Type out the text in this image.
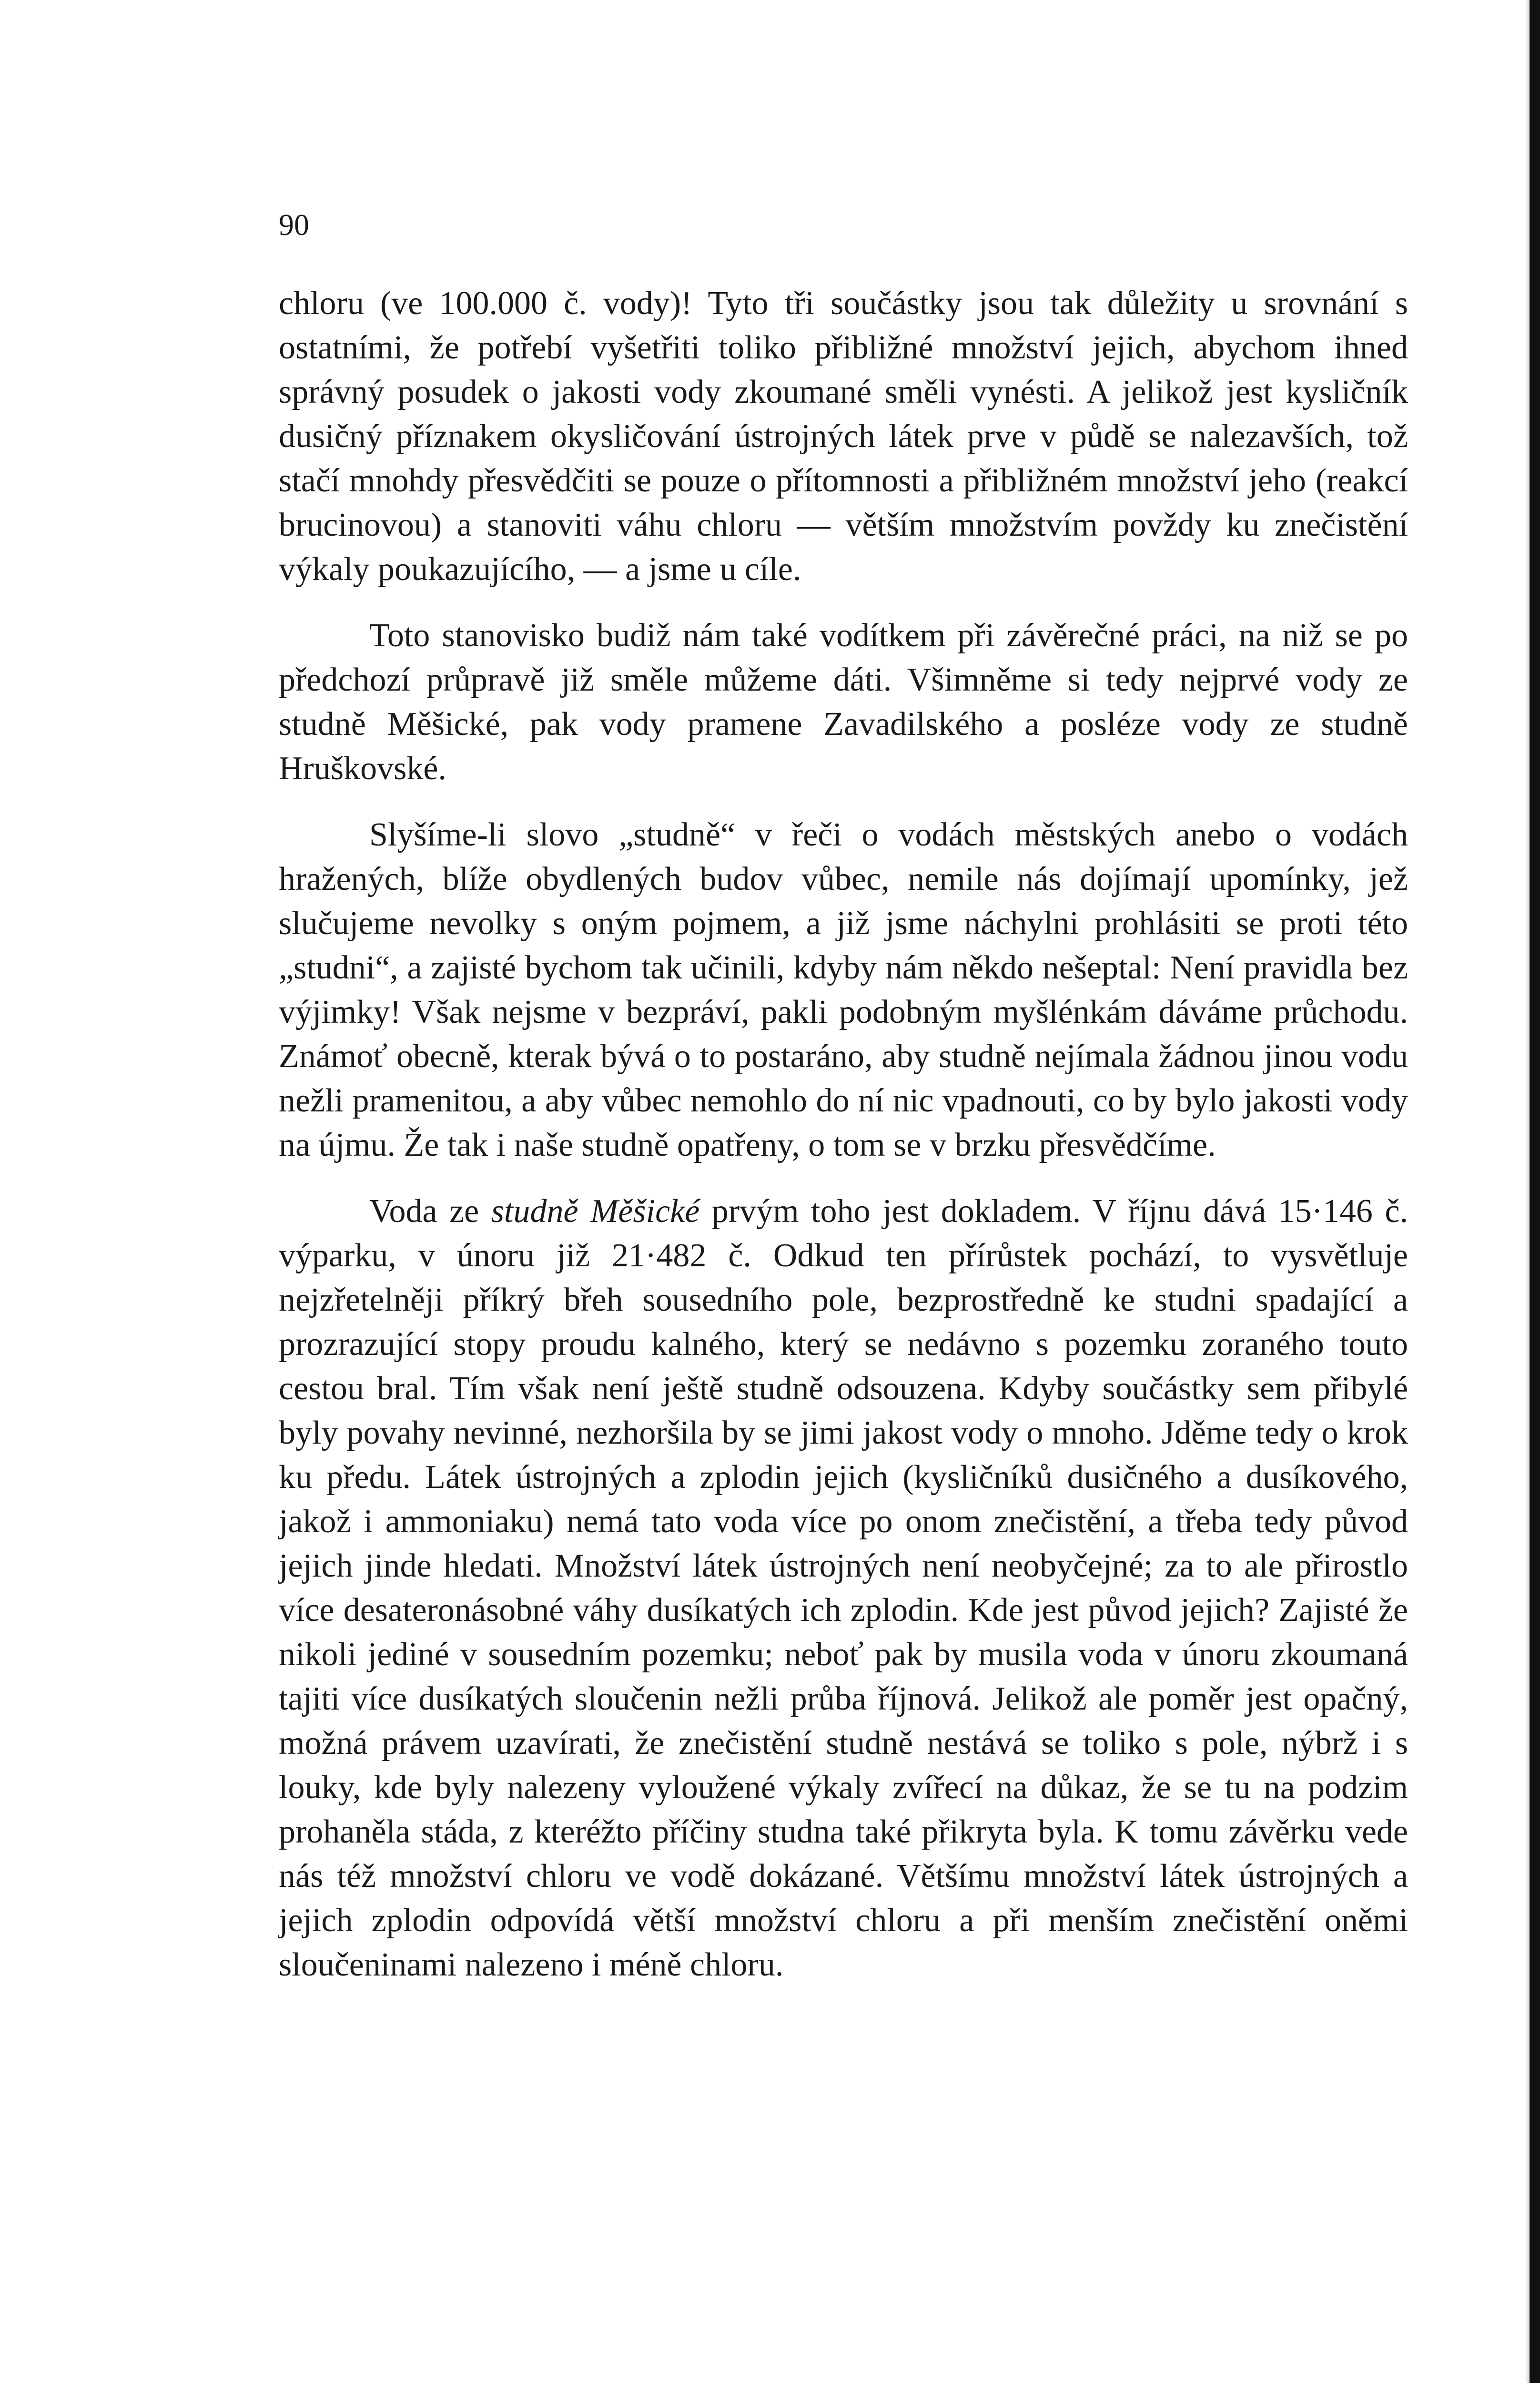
90

chloru (ve 100.000 č. vody)! Tyto tři součástky jsou tak důležity u srovnání s ostatními, že potřebí vyšetřiti toliko přibližné množství jejich, abychom ihned správný posudek o jakosti vody zkoumané směli vynésti. A jelikož jest kysličník dusičný příznakem okysličování ústrojných látek prve v půdě se nalezavších, tož stačí mnohdy přesvědčiti se pouze o přítomnosti a přibližném množství jeho (reakcí brucinovou) a stanoviti váhu chloru — větším množstvím povždy ku znečistění výkaly poukazujícího, — a jsme u cíle.

Toto stanovisko budiž nám také vodítkem při závěrečné práci, na niž se po předchozí průpravě již směle můžeme dáti. Všimněme si tedy nejprvé vody ze studně Měšické, pak vody pramene Zavadilského a posléze vody ze studně Hruškovské.

Slyšíme-li slovo „studně“ v řeči o vodách městských anebo o vodách hražených, blíže obydlených budov vůbec, nemile nás dojímají upomínky, jež slučujeme nevolky s oným pojmem, a již jsme náchylni prohlásiti se proti této „studni“, a zajisté bychom tak učinili, kdyby nám někdo nešeptal: Není pravidla bez výjimky! Však nejsme v bezpráví, pakli podobným myšlénkám dáváme průchodu. Známoť obecně, kterak bývá o to postaráno, aby studně nejímala žádnou jinou vodu nežli pramenitou, a aby vůbec nemohlo do ní nic vpadnouti, co by bylo jakosti vody na újmu. Že tak i naše studně opatřeny, o tom se v brzku přesvědčíme.

Voda ze studně Měšické prvým toho jest dokladem. V říjnu dává 15·146 č. výparku, v únoru již 21·482 č. Odkud ten přírůstek pochází, to vysvětluje nejzřetelněji příkrý břeh sousedního pole, bezprostředně ke studni spadající a prozrazující stopy proudu kalného, který se nedávno s pozemku zoraného touto cestou bral. Tím však není ještě studně odsouzena. Kdyby součástky sem přibylé byly povahy nevinné, nezhoršila by se jimi jakost vody o mnoho. Jděme tedy o krok ku předu. Látek ústrojných a zplodin jejich (kysličníků dusičného a dusíkového, jakož i ammoniaku) nemá tato voda více po onom znečistění, a třeba tedy původ jejich jinde hledati. Množství látek ústrojných není neobyčejné; za to ale přirostlo více desateronásobné váhy dusíkatých ich zplodin. Kde jest původ jejich? Zajisté že nikoli jediné v sousedním pozemku; neboť pak by musila voda v únoru zkoumaná tajiti více dusíkatých sloučenin nežli průba říjnová. Jelikož ale poměr jest opačný, možná právem uzavírati, že znečistění studně nestává se toliko s pole, nýbrž i s louky, kde byly nalezeny vyloužené výkaly zvířecí na důkaz, že se tu na podzim prohaněla stáda, z kteréžto příčiny studna také přikryta byla. K tomu závěrku vede nás též množství chloru ve vodě dokázané. Většímu množství látek ústrojných a jejich zplodin odpovídá větší množství chloru a při menším znečistění oněmi sloučeninami nalezeno i méně chloru.
